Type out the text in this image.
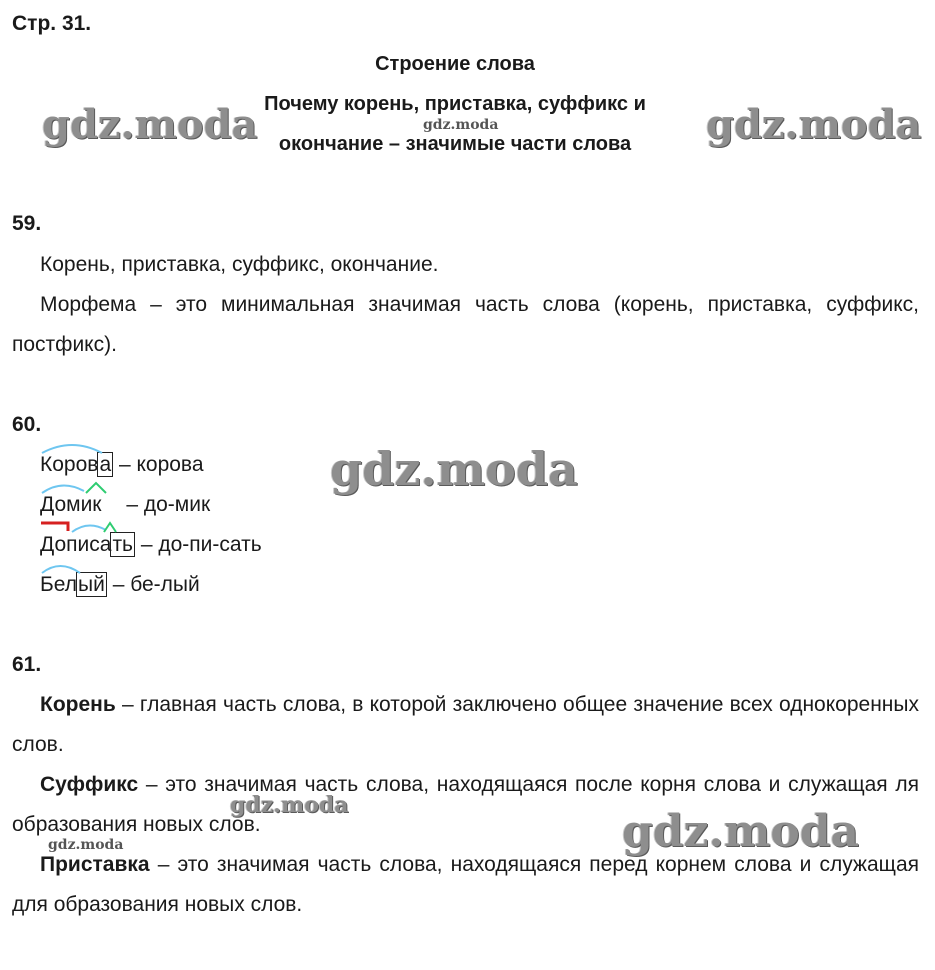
Стр. 31.
Строение слова
Почему корень, приставка, суффикс и
окончание – значимые части слова
gdz.moda	gdz.moda
gdz.moda
gdz.moda
gdz.moda
gdz.moda	gdz.moda
59.

Корень, приставка, суффикс, окончание.

Морфема – это минимальная значимая часть слова (корень, приставка, суффикс, постфикс).

60.
Корова
– корова
Домик
– до-мик
Дописать
– до-пи-сать
Белый
– бе-лый
61.

Корень – главная часть слова, в которой заключено общее значение всех однокоренных слов.

Суффикс – это значимая часть слова, находящаяся после корня слова и служащая ля образования новых слов.

Приставка – это значимая часть слова, находящаяся перед корнем слова и служащая для образования новых слов.
